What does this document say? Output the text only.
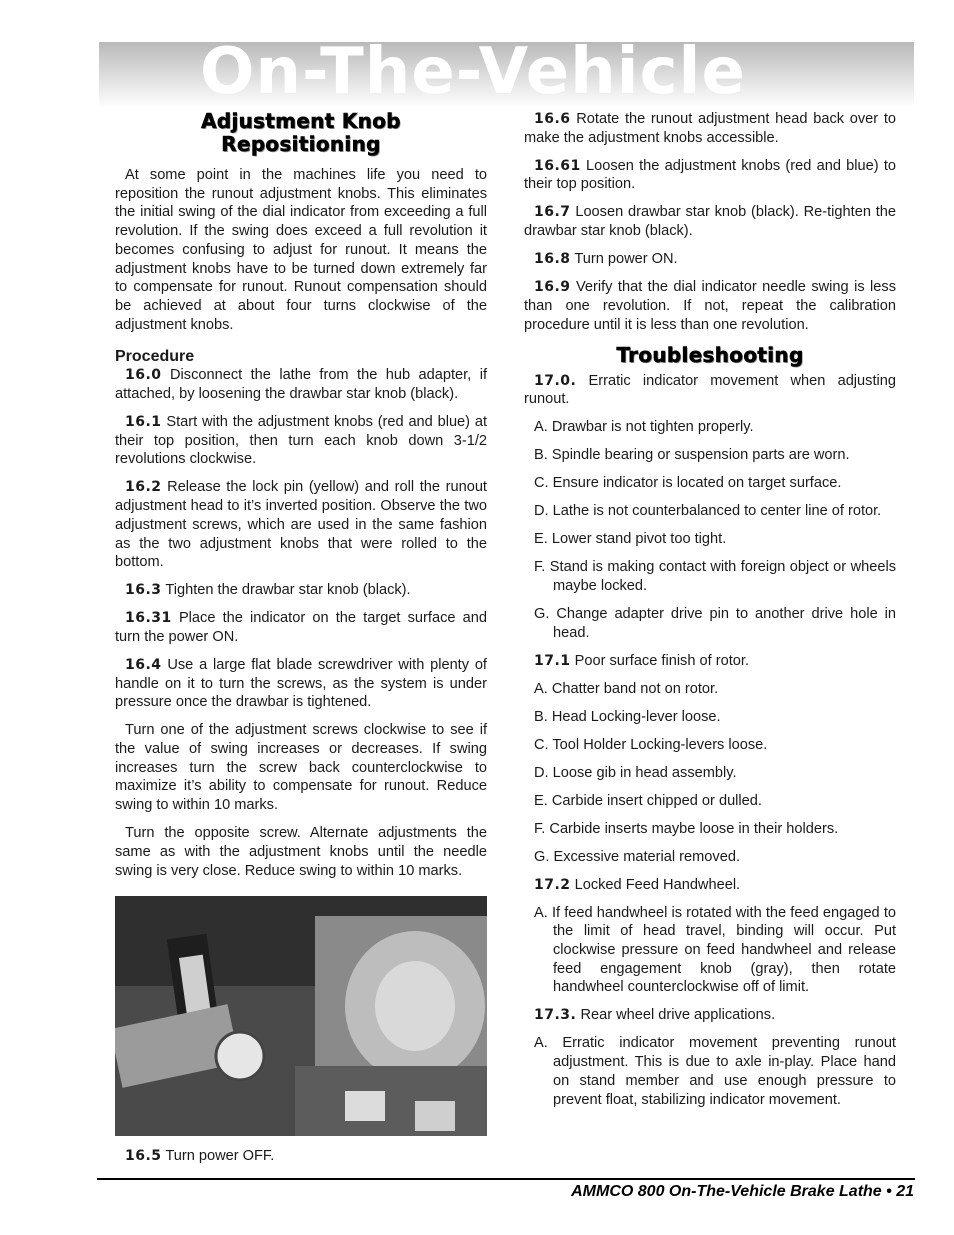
On-The-Vehicle
Adjustment Knob Repositioning

At some point in the machines life you need to reposition the runout adjustment knobs. This eliminates the initial swing of the dial indicator from exceeding a full revolution. If the swing does exceed a full revolution it becomes confusing to adjust for runout. It means the adjustment knobs have to be turned down extremely far to compensate for runout. Runout compensation should be achieved at about four turns clockwise of the adjustment knobs.

Procedure

16.0 Disconnect the lathe from the hub adapter, if attached, by loosening the drawbar star knob (black).

16.1 Start with the adjustment knobs (red and blue) at their top position, then turn each knob down 3-1/2 revolutions clockwise.

16.2 Release the lock pin (yellow) and roll the runout adjustment head to it’s inverted position. Observe the two adjustment screws, which are used in the same fashion as the two adjustment knobs that were rolled to the bottom.

16.3 Tighten the drawbar star knob (black).

16.31 Place the indicator on the target surface and turn the power ON.

16.4 Use a large flat blade screwdriver with plenty of handle on it to turn the screws, as the system is under pressure once the drawbar is tightened.

Turn one of the adjustment screws clockwise to see if the value of swing increases or decreases. If swing increases turn the screw back counterclockwise to maximize it’s ability to compensate for runout. Reduce swing to within 10 marks.

Turn the opposite screw. Alternate adjustments the same as with the adjustment knobs until the needle swing is very close. Reduce swing to within 10 marks.

16.5 Turn power OFF.

16.6 Rotate the runout adjustment head back over to make the adjustment knobs accessible.

16.61 Loosen the adjustment knobs (red and blue) to their top position.

16.7 Loosen drawbar star knob (black). Re-tighten the drawbar star knob (black).

16.8 Turn power ON.

16.9 Verify that the dial indicator needle swing is less than one revolution. If not, repeat the calibration procedure until it is less than one revolution.

Troubleshooting

17.0. Erratic indicator movement when adjusting runout.

A. Drawbar is not tighten properly.

B. Spindle bearing or suspension parts are worn.

C. Ensure indicator is located on target surface.

D. Lathe is not counterbalanced to center line of rotor.

E. Lower stand pivot too tight.

F. Stand is making contact with foreign object or wheels maybe locked.

G. Change adapter drive pin to another drive hole in head.

17.1 Poor surface finish of rotor.

A. Chatter band not on rotor.

B. Head Locking-lever loose.

C. Tool Holder Locking-levers loose.

D. Loose gib in head assembly.

E. Carbide insert chipped or dulled.

F. Carbide inserts maybe loose in their holders.

G. Excessive material removed.

17.2 Locked Feed Handwheel.

A. If feed handwheel is rotated with the feed engaged to the limit of head travel, binding will occur. Put clockwise pressure on feed handwheel and release feed engagement knob (gray), then rotate handwheel counterclockwise off of limit.

17.3. Rear wheel drive applications.

A. Erratic indicator movement preventing runout adjustment. This is due to axle in-play. Place hand on stand member and use enough pressure to prevent float, stabilizing indicator movement.

AMMCO 800 On-The-Vehicle Brake Lathe • 21
